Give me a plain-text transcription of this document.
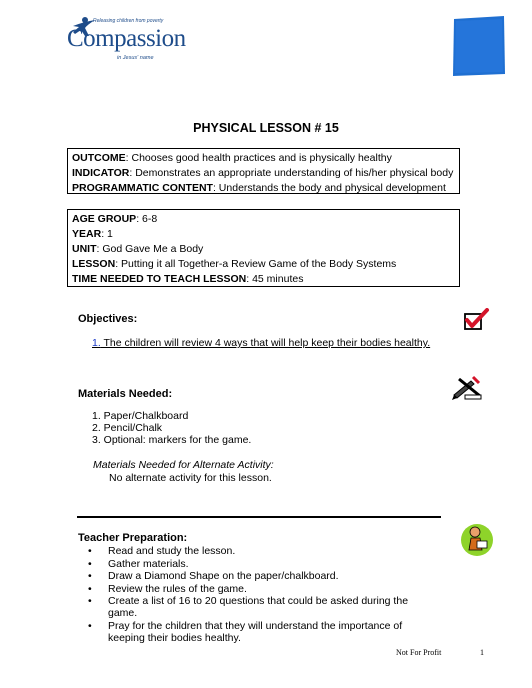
Releasing children from poverty
Compassion
in Jesus' name
PHYSICAL LESSON # 15
OUTCOME: Chooses good health practices and is physically healthy
INDICATOR: Demonstrates an appropriate understanding of his/her physical body
PROGRAMMATIC CONTENT: Understands the body and physical development
AGE GROUP: 6-8
YEAR: 1
UNIT: God Gave Me a Body
LESSON: Putting it all Together-a Review Game of the Body Systems
TIME NEEDED TO TEACH LESSON: 45 minutes
Objectives:
1. The children will review 4 ways that will help keep their bodies healthy.
Materials Needed:
1. Paper/Chalkboard
2. Pencil/Chalk
3. Optional: markers for the game.
Materials Needed for Alternate Activity:
No alternate activity for this lesson.
Teacher Preparation:
• Read and study the lesson.
• Gather materials.
• Draw a Diamond Shape on the paper/chalkboard.
• Review the rules of the game.
• Create a list of 16 to 20 questions that could be asked during the game.
• Pray for the children that they will understand the importance of keeping their bodies healthy.
Not For Profit	1
